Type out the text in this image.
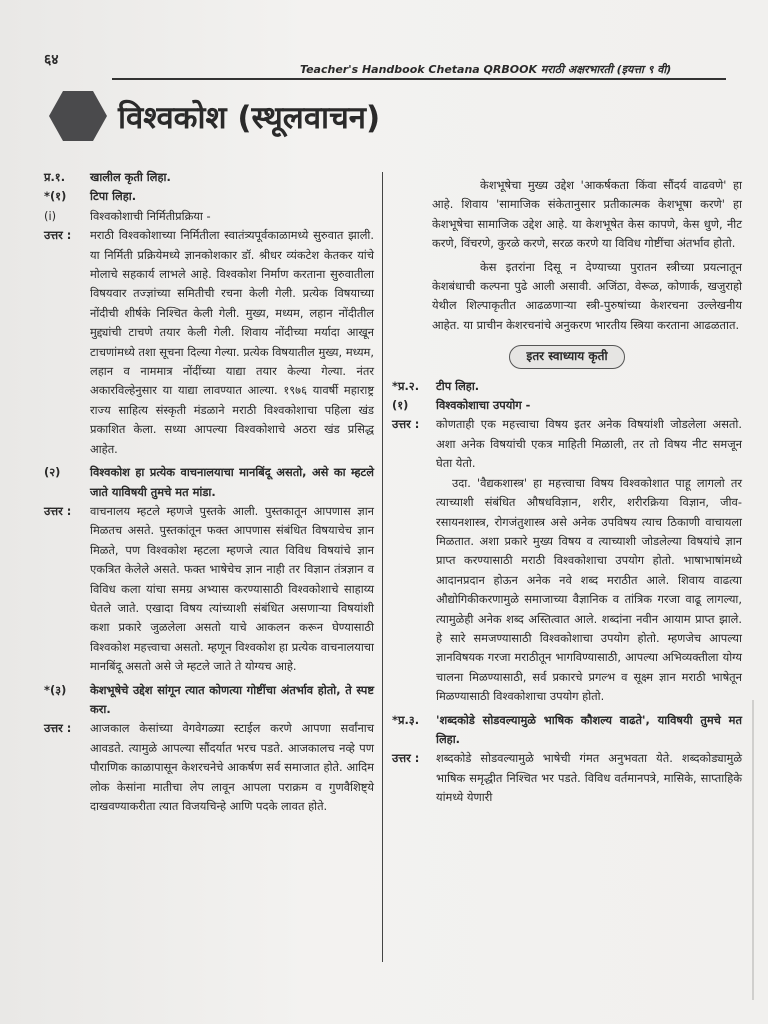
६४
Teacher's Handbook Chetana QRBOOK मराठी अक्षरभारती (इयत्ता ९ वी)
विश्वकोश (स्थूलवाचन)
प्र.१.	खालील कृती लिहा.
*(१)	टिपा लिहा.
(i)	विश्वकोशाची निर्मितीप्रक्रिया -
उत्तर :	मराठी विश्वकोशाच्या निर्मितीला स्वातंत्र्यपूर्वकाळामध्ये सुरुवात झाली. या निर्मिती प्रक्रियेमध्ये ज्ञानकोशकार डॉ. श्रीधर व्यंकटेश केतकर यांचे मोलाचे सहकार्य लाभले आहे. विश्वकोश निर्माण करताना सुरुवातीला विषयवार तज्ज्ञांच्या समितीची रचना केली गेली. प्रत्येक विषयाच्या नोंदीची शीर्षके निश्चित केली गेली. मुख्य, मध्यम, लहान नोंदीतील मुद्द्यांची टाचणे तयार केली गेली. शिवाय नोंदीच्या मर्यादा आखून टाचणांमध्ये तशा सूचना दिल्या गेल्या. प्रत्येक विषयातील मुख्य, मध्यम, लहान व नाममात्र नोंदींच्या याद्या तयार केल्या गेल्या. नंतर अकारविल्हेनुसार या याद्या लावण्यात आल्या. १९७६ यावर्षी महाराष्ट्र राज्य साहित्य संस्कृती मंडळाने मराठी विश्वकोशाचा पहिला खंड प्रकाशित केला. सध्या आपल्या विश्वकोशाचे अठरा खंड प्रसिद्ध आहेत.
(२)	विश्वकोश हा प्रत्येक वाचनालयाचा मानबिंदू असतो, असे का म्हटले जाते याविषयी तुमचे मत मांडा.
उत्तर :	वाचनालय म्हटले म्हणजे पुस्तके आली. पुस्तकातून आपणास ज्ञान मिळतच असते. पुस्तकांतून फक्त आपणास संबंधित विषयाचेच ज्ञान मिळते, पण विश्वकोश म्हटला म्हणजे त्यात विविध विषयांचे ज्ञान एकत्रित केलेले असते. फक्त भाषेचेच ज्ञान नाही तर विज्ञान तंत्रज्ञान व विविध कला यांचा समग्र अभ्यास करण्यासाठी विश्वकोशाचे साहाय्य घेतले जाते. एखादा विषय त्यांच्याशी संबंधित असणाऱ्या विषयांशी कशा प्रकारे जुळलेला असतो याचे आकलन करून घेण्यासाठी विश्वकोश महत्त्वाचा असतो. म्हणून विश्वकोश हा प्रत्येक वाचनालयाचा मानबिंदू असतो असे जे म्हटले जाते ते योग्यच आहे.
*(३)	केशभूषेचे उद्देश सांगून त्यात कोणत्या गोष्टींचा अंतर्भाव होतो, ते स्पष्ट करा.
उत्तर :	आजकाल केसांच्या वेगवेगळ्या स्टाईल करणे आपणा सर्वांनाच आवडते. त्यामुळे आपल्या सौंदर्यात भरच पडते. आजकालच नव्हे पण पौराणिक काळापासून केशरचनेचे आकर्षण सर्व समाजात होते. आदिम लोक केसांना मातीचा लेप लावून आपला पराक्रम व गुणवैशिष्ट्ये दाखवण्याकरीता त्यात विजयचिन्हे आणि पदके लावत होते.
केशभूषेचा मुख्य उद्देश 'आकर्षकता किंवा सौंदर्य वाढवणे' हा आहे. शिवाय 'सामाजिक संकेतानुसार प्रतीकात्मक केशभूषा करणे' हा केशभूषेचा सामाजिक उद्देश आहे. या केशभूषेत केस कापणे, केस धुणे, नीट करणे, विंचरणे, कुरळे करणे, सरळ करणे या विविध गोष्टींचा अंतर्भाव होतो.
केस इतरांना दिसू न देण्याच्या पुरातन स्त्रीच्या प्रयत्नातून केशबंधाची कल्पना पुढे आली असावी. अजिंठा, वेरूळ, कोणार्क, खजुराहो येथील शिल्पाकृतीत आढळणाऱ्या स्त्री-पुरुषांच्या केशरचना उल्लेखनीय आहेत. या प्राचीन केशरचनांचे अनुकरण भारतीय स्त्रिया करताना आढळतात.
इतर स्वाध्याय कृती
*प्र.२.	टीप लिहा.
(१)	विश्वकोशाचा उपयोग -
उत्तर :	कोणताही एक महत्त्वाचा विषय इतर अनेक विषयांशी जोडलेला असतो. अशा अनेक विषयांची एकत्र माहिती मिळाली, तर तो विषय नीट समजून घेता येतो.
उदा. 'वैद्यकशास्त्र' हा महत्त्वाचा विषय विश्वकोशात पाहू लागलो तर त्याच्याशी संबंधित औषधविज्ञान, शरीर, शरीरक्रिया विज्ञान, जीव-रसायनशास्त्र, रोगजंतुशास्त्र असे अनेक उपविषय त्याच ठिकाणी वाचायला मिळतात. अशा प्रकारे मुख्य विषय व त्याच्याशी जोडलेल्या विषयांचे ज्ञान प्राप्त करण्यासाठी मराठी विश्वकोशाचा उपयोग होतो. भाषाभाषांमध्ये आदानप्रदान होऊन अनेक नवे शब्द मराठीत आले. शिवाय वाढत्या औद्योगिकीकरणामुळे समाजाच्या वैज्ञानिक व तांत्रिक गरजा वाढू लागल्या, त्यामुळेही अनेक शब्द अस्तित्वात आले. शब्दांना नवीन आयाम प्राप्त झाले. हे सारे समजण्यासाठी विश्वकोशाचा उपयोग होतो. म्हणजेच आपल्या ज्ञानविषयक गरजा मराठीतून भागविण्यासाठी, आपल्या अभिव्यक्तीला योग्य चालना मिळण्यासाठी, सर्व प्रकारचे प्रगल्भ व सूक्ष्म ज्ञान मराठी भाषेतून मिळण्यासाठी विश्वकोशाचा उपयोग होतो.
*प्र.३.	'शब्दकोडे सोडवल्यामुळे भाषिक कौशल्य वाढते', याविषयी तुमचे मत लिहा.
उत्तर :	शब्दकोडे सोडवल्यामुळे भाषेची गंमत अनुभवता येते. शब्दकोड्यामुळे भाषिक समृद्धीत निश्चित भर पडते. विविध वर्तमानपत्रे, मासिके, साप्ताहिके यांमध्ये येणारी
